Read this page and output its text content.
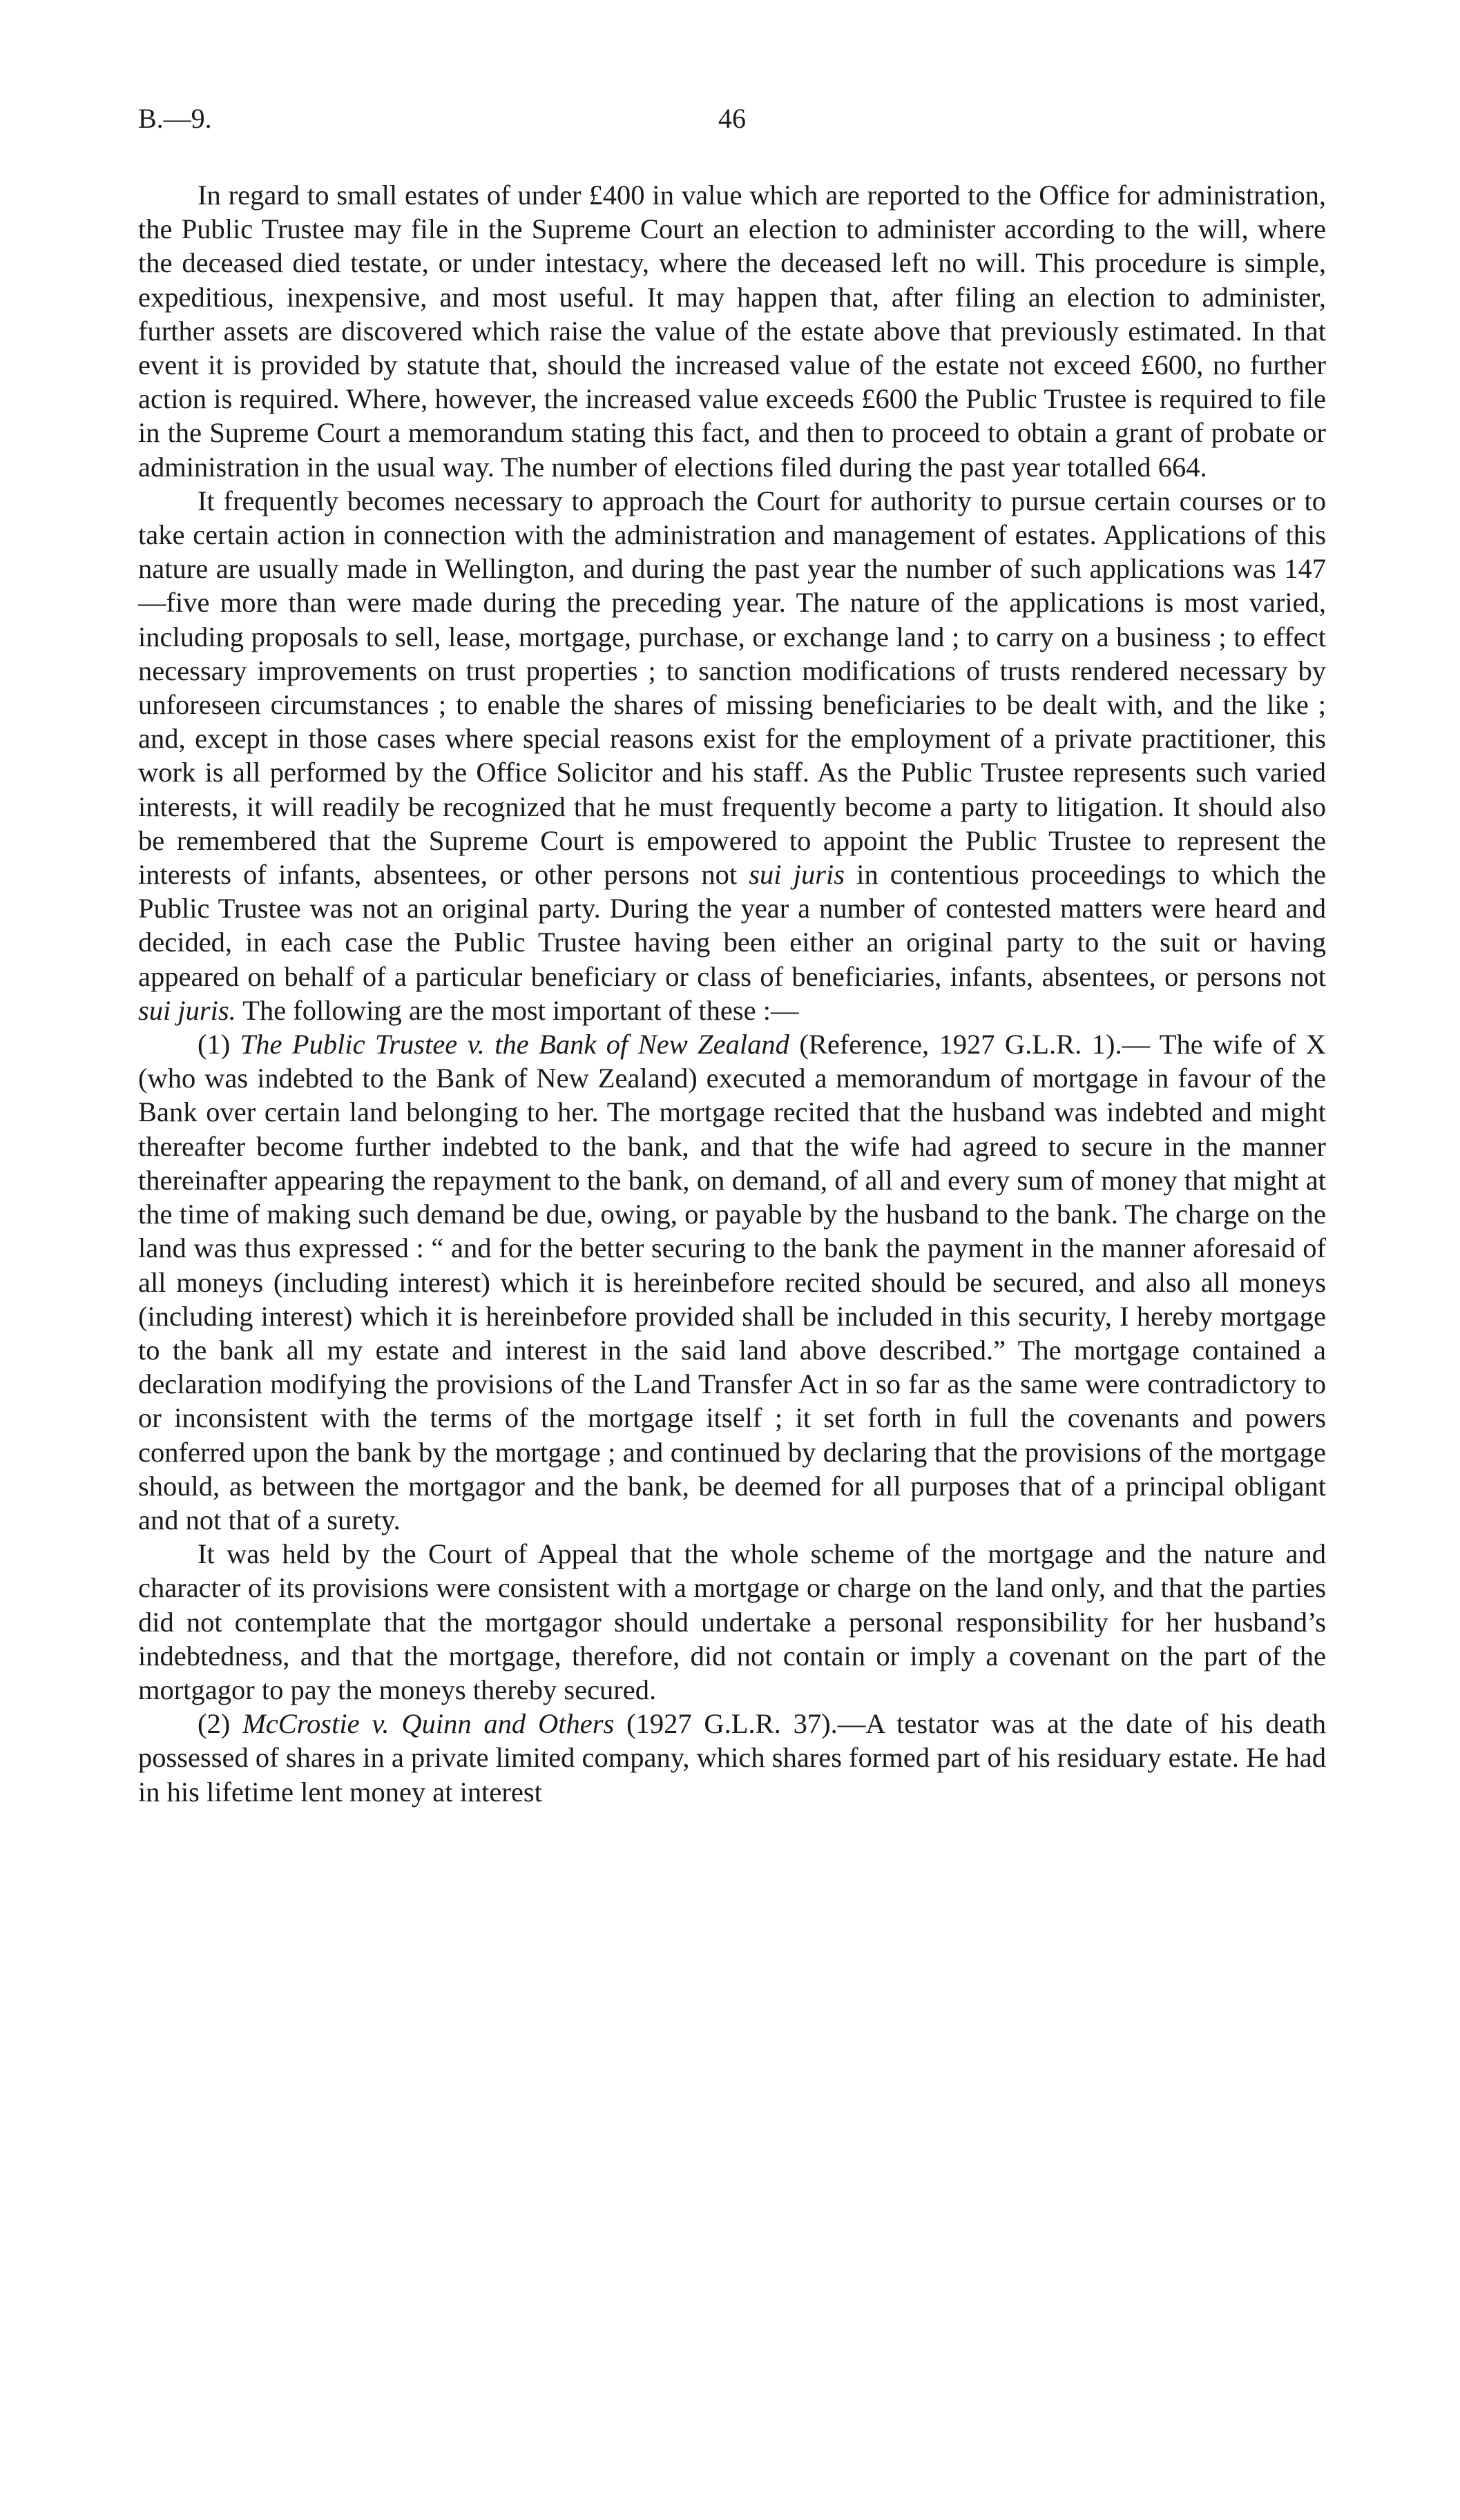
B.—9.	46

In regard to small estates of under £400 in value which are reported to the Office for administration, the Public Trustee may file in the Supreme Court an election to administer according to the will, where the deceased died testate, or under intestacy, where the deceased left no will. This procedure is simple, expeditious, inexpensive, and most useful. It may happen that, after filing an election to administer, further assets are discovered which raise the value of the estate above that previously estimated. In that event it is provided by statute that, should the increased value of the estate not exceed £600, no further action is required. Where, however, the increased value exceeds £600 the Public Trustee is required to file in the Supreme Court a memorandum stating this fact, and then to proceed to obtain a grant of probate or administration in the usual way. The number of elections filed during the past year totalled 664.

It frequently becomes necessary to approach the Court for authority to pursue certain courses or to take certain action in connection with the administration and management of estates. Applications of this nature are usually made in Wellington, and during the past year the number of such applications was 147—five more than were made during the preceding year. The nature of the applications is most varied, including proposals to sell, lease, mortgage, purchase, or exchange land ; to carry on a business ; to effect necessary improvements on trust properties ; to sanction modifications of trusts rendered necessary by unforeseen circumstances ; to enable the shares of missing beneficiaries to be dealt with, and the like ; and, except in those cases where special reasons exist for the employment of a private practitioner, this work is all performed by the Office Solicitor and his staff. As the Public Trustee represents such varied interests, it will readily be recognized that he must frequently become a party to litigation. It should also be remembered that the Supreme Court is empowered to appoint the Public Trustee to represent the interests of infants, absentees, or other persons not sui juris in contentious proceedings to which the Public Trustee was not an original party. During the year a number of contested matters were heard and decided, in each case the Public Trustee having been either an original party to the suit or having appeared on behalf of a particular beneficiary or class of beneficiaries, infants, absentees, or persons not sui juris. The following are the most important of these :—

(1) The Public Trustee v. the Bank of New Zealand (Reference, 1927 G.L.R. 1).— The wife of X (who was indebted to the Bank of New Zealand) executed a memorandum of mortgage in favour of the Bank over certain land belonging to her. The mortgage recited that the husband was indebted and might thereafter become further indebted to the bank, and that the wife had agreed to secure in the manner thereinafter appearing the repayment to the bank, on demand, of all and every sum of money that might at the time of making such demand be due, owing, or payable by the husband to the bank. The charge on the land was thus expressed : “ and for the better securing to the bank the payment in the manner aforesaid of all moneys (including interest) which it is hereinbefore recited should be secured, and also all moneys (including interest) which it is hereinbefore provided shall be included in this security, I hereby mortgage to the bank all my estate and interest in the said land above described.” The mortgage contained a declaration modifying the provisions of the Land Transfer Act in so far as the same were contradictory to or inconsistent with the terms of the mortgage itself ; it set forth in full the covenants and powers conferred upon the bank by the mortgage ; and continued by declaring that the provisions of the mortgage should, as between the mortgagor and the bank, be deemed for all purposes that of a principal obligant and not that of a surety.

It was held by the Court of Appeal that the whole scheme of the mortgage and the nature and character of its provisions were consistent with a mortgage or charge on the land only, and that the parties did not contemplate that the mortgagor should undertake a personal responsibility for her husband’s indebtedness, and that the mortgage, therefore, did not contain or imply a covenant on the part of the mortgagor to pay the moneys thereby secured.

(2) McCrostie v. Quinn and Others (1927 G.L.R. 37).—A testator was at the date of his death possessed of shares in a private limited company, which shares formed part of his residuary estate. He had in his lifetime lent money at interest
